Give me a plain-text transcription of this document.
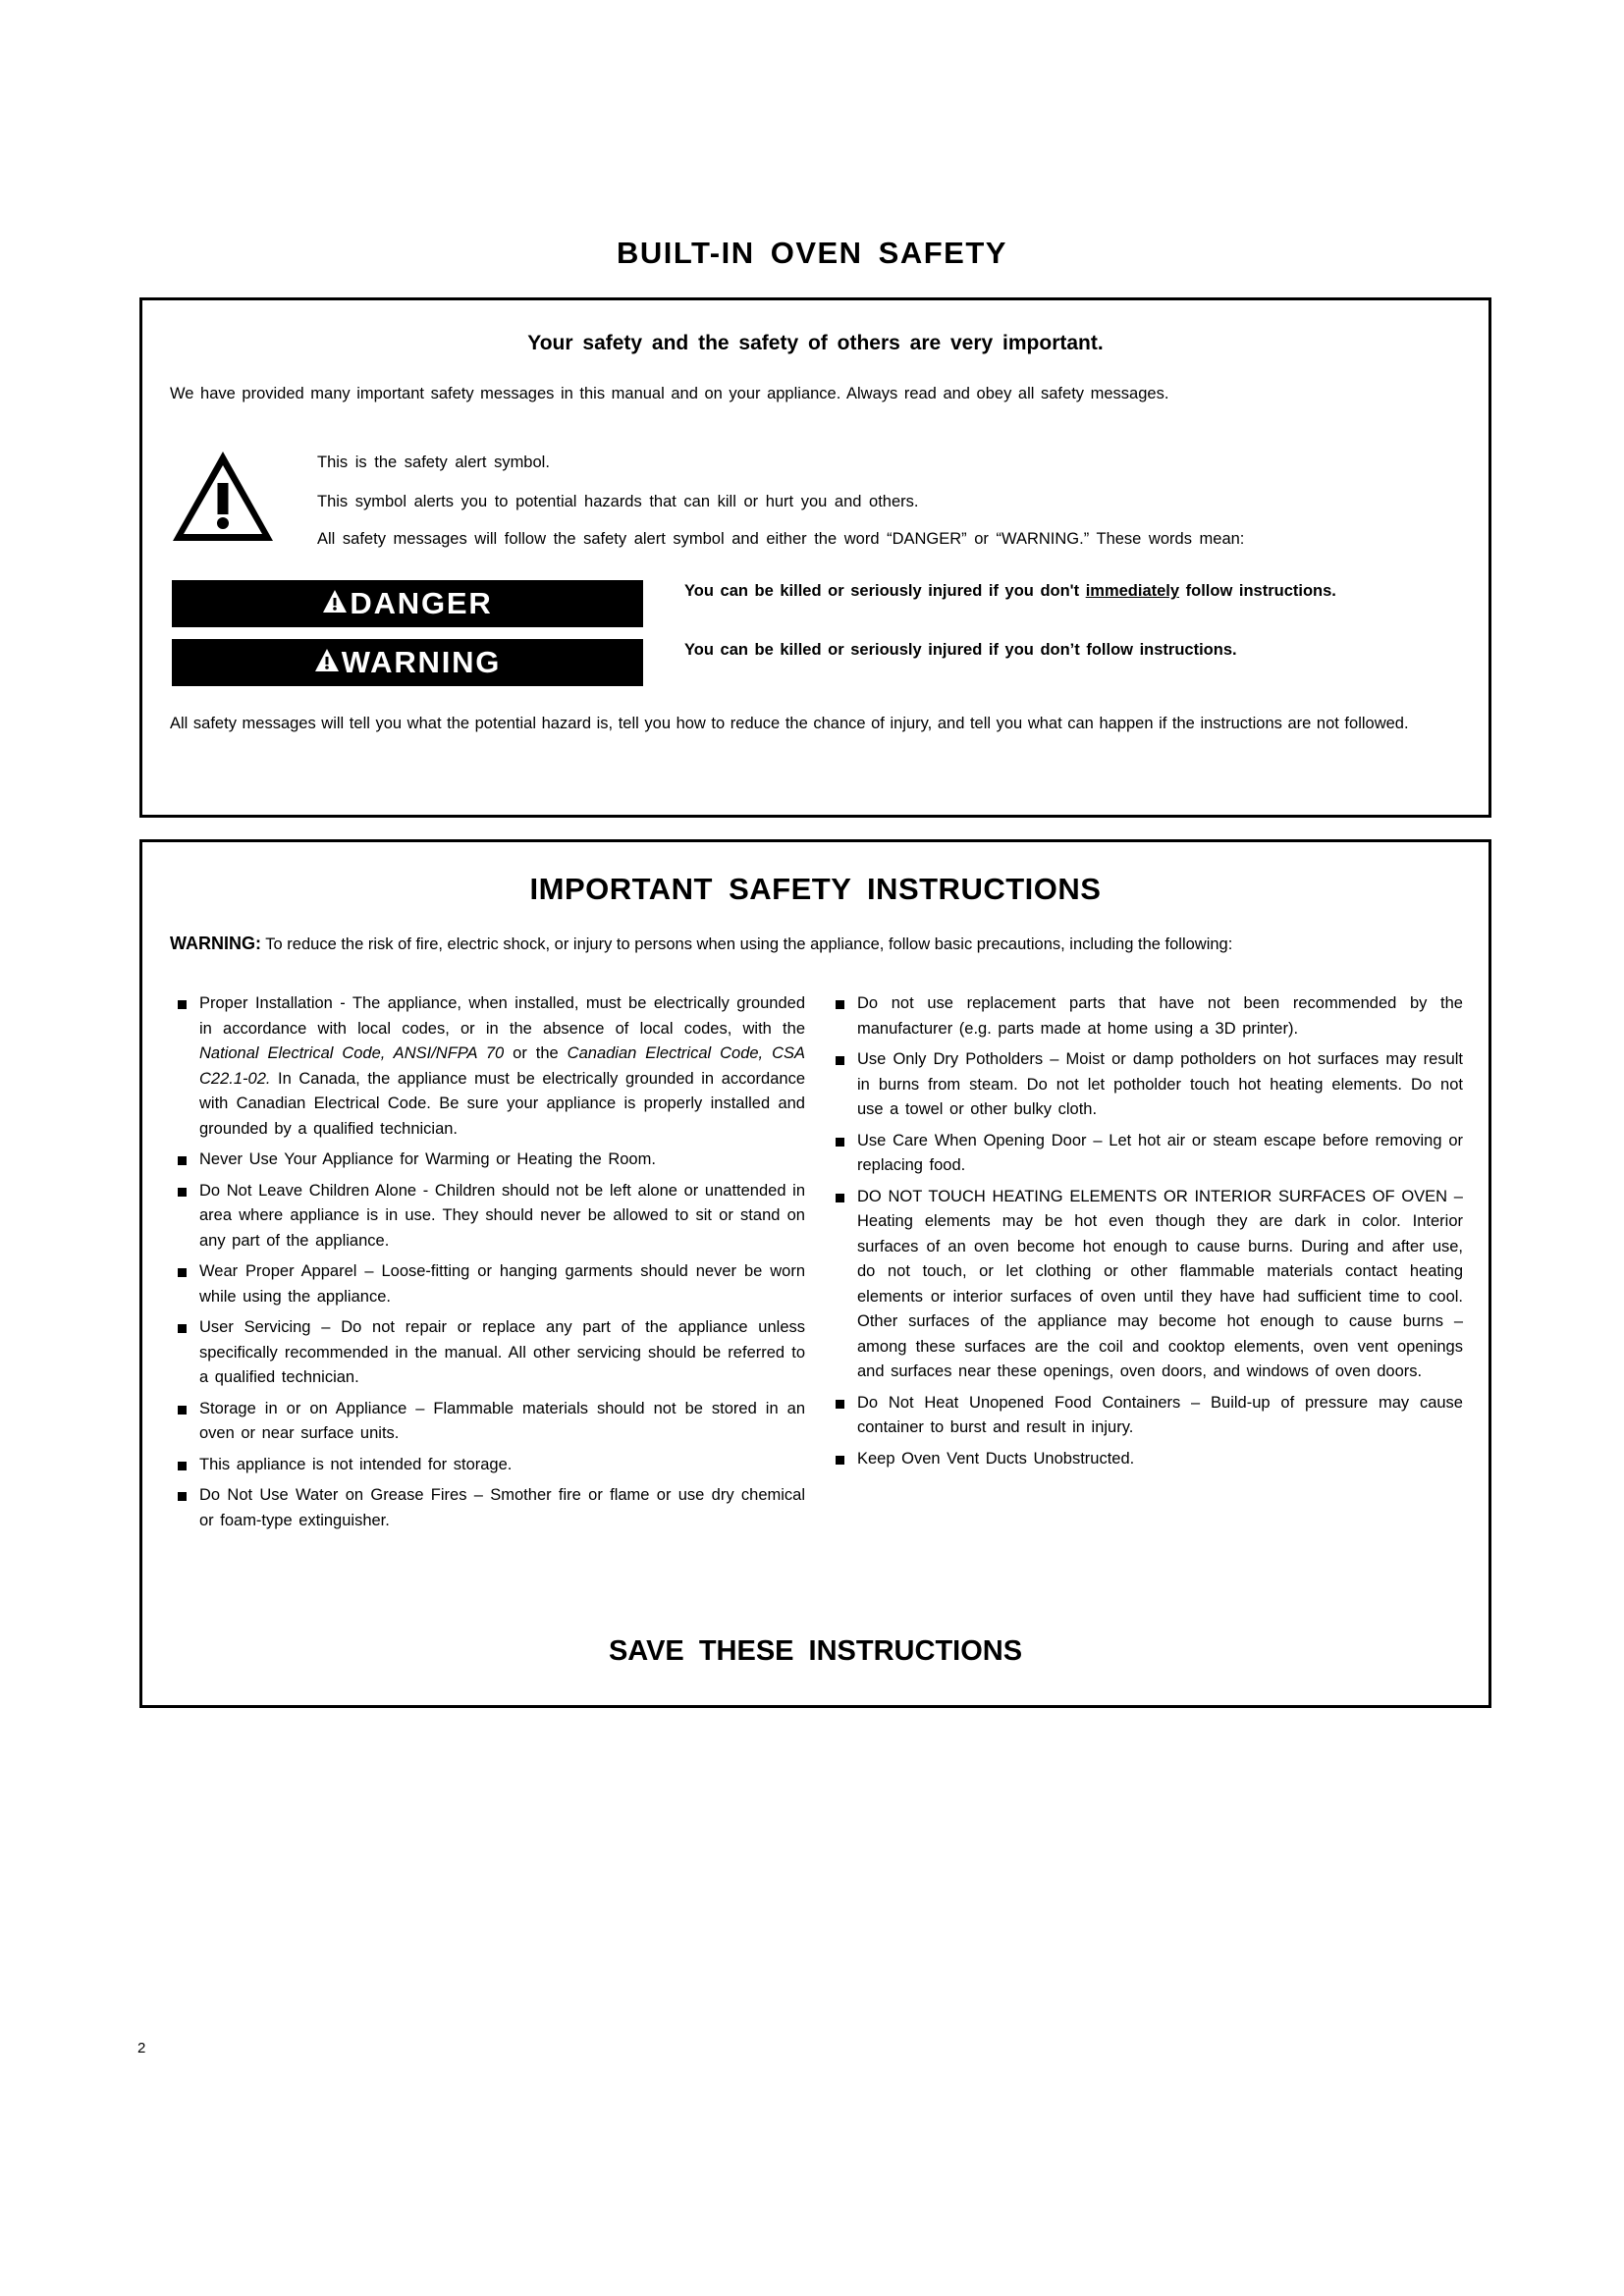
BUILT-IN OVEN SAFETY
Your safety and the safety of others are very important.
We have provided many important safety messages in this manual and on your appliance. Always read and obey all safety messages.

This is the safety alert symbol.

This symbol alerts you to potential hazards that can kill or hurt you and others.

All safety messages will follow the safety alert symbol and either the word “DANGER” or “WARNING.” These words mean:

DANGER	You can be killed or seriously injured if you don't immediately follow instructions.
WARNING	You can be killed or seriously injured if you don’t follow instructions.
All safety messages will tell you what the potential hazard is, tell you how to reduce the chance of injury, and tell you what can happen if the instructions are not followed.
IMPORTANT SAFETY INSTRUCTIONS
WARNING: To reduce the risk of fire, electric shock, or injury to persons when using the appliance, follow basic precautions, including the following:
Proper Installation - The appliance, when installed, must be electrically grounded in accordance with local codes, or in the absence of local codes, with the National Electrical Code, ANSI/NFPA 70 or the Canadian Electrical Code, CSA C22.1-02. In Canada, the appliance must be electrically grounded in accordance with Canadian Electrical Code. Be sure your appliance is properly installed and grounded by a qualified technician.
Never Use Your Appliance for Warming or Heating the Room.
Do Not Leave Children Alone - Children should not be left alone or unattended in area where appliance is in use. They should never be allowed to sit or stand on any part of the appliance.
Wear Proper Apparel – Loose-fitting or hanging garments should never be worn while using the appliance.
User Servicing – Do not repair or replace any part of the appliance unless specifically recommended in the manual. All other servicing should be referred to a qualified technician.
Storage in or on Appliance – Flammable materials should not be stored in an oven or near surface units.
This appliance is not intended for storage.
Do Not Use Water on Grease Fires – Smother fire or flame or use dry chemical or foam-type extinguisher.
Do not use replacement parts that have not been recommended by the manufacturer (e.g. parts made at home using a 3D printer).
Use Only Dry Potholders – Moist or damp potholders on hot surfaces may result in burns from steam. Do not let potholder touch hot heating elements. Do not use a towel or other bulky cloth.
Use Care When Opening Door – Let hot air or steam escape before removing or replacing food.
DO NOT TOUCH HEATING ELEMENTS OR INTERIOR SURFACES OF OVEN – Heating elements may be hot even though they are dark in color. Interior surfaces of an oven become hot enough to cause burns. During and after use, do not touch, or let clothing or other flammable materials contact heating elements or interior surfaces of oven until they have had sufficient time to cool. Other surfaces of the appliance may become hot enough to cause burns – among these surfaces are the coil and cooktop elements, oven vent openings and surfaces near these openings, oven doors, and windows of oven doors.
Do Not Heat Unopened Food Containers – Build-up of pressure may cause container to burst and result in injury.
Keep Oven Vent Ducts Unobstructed.
SAVE THESE INSTRUCTIONS
2
